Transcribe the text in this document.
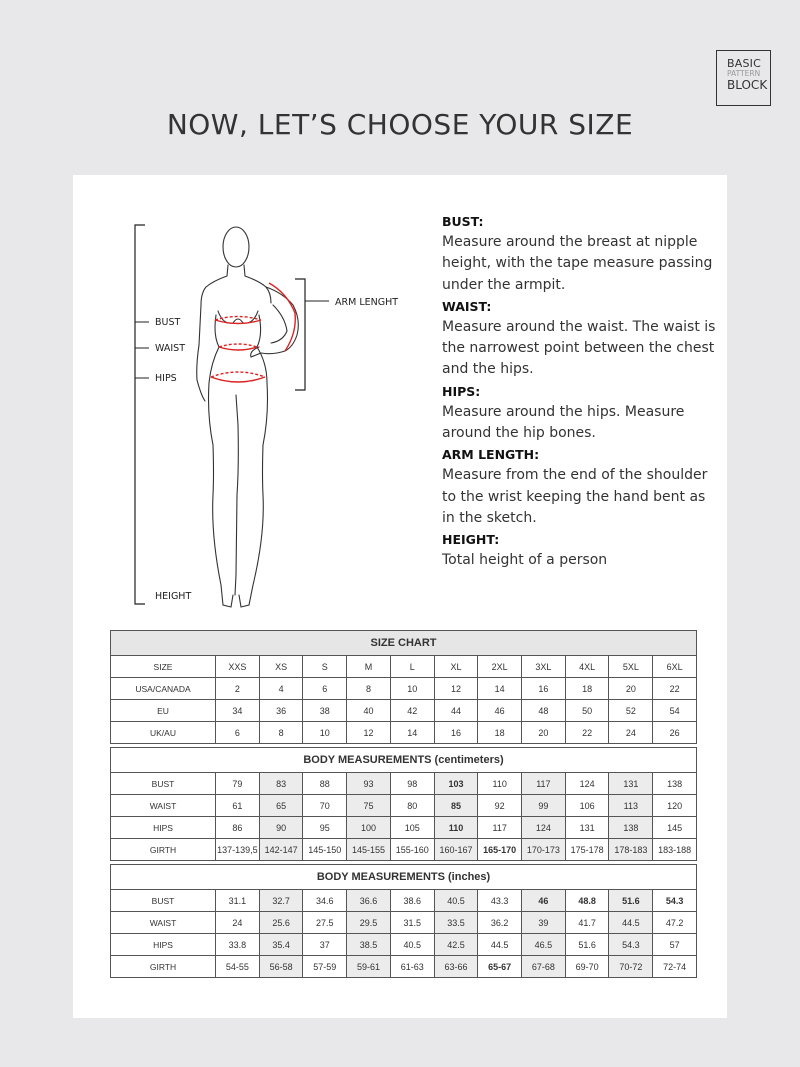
BASIC
PATTERN
BLOCK
NOW, LET’S CHOOSE YOUR SIZE
BUST
WAIST
HIPS
HEIGHT
ARM LENGHT

BUST:

Measure around the breast at nipple height, with the tape measure passing under the armpit.

WAIST:

Measure around the waist. The waist is the narrowest point between the chest and the hips.

HIPS:

Measure around the hips. Measure around the hip bones.

ARM LENGTH:

Measure from the end of the shoulder to the wrist keeping the hand bent as in the sketch.

HEIGHT:

Total height of a person

SIZE CHART											
SIZE	XXS	XS	S	M	L	XL	2XL	3XL	4XL	5XL	6XL
USA/CANADA	2	4	6	8	10	12	14	16	18	20	22
EU	34	36	38	40	42	44	46	48	50	52	54
UK/AU	6	8	10	12	14	16	18	20	22	24	26

BODY MEASUREMENTS (centimeters)											
BUST	79	83	88	93	98	103	110	117	124	131	138
WAIST	61	65	70	75	80	85	92	99	106	113	120
HIPS	86	90	95	100	105	110	117	124	131	138	145
GIRTH	137-139,5	142-147	145-150	145-155	155-160	160-167	165-170	170-173	175-178	178-183	183-188

BODY MEASUREMENTS (inches)											
BUST	31.1	32.7	34.6	36.6	38.6	40.5	43.3	46	48.8	51.6	54.3
WAIST	24	25.6	27.5	29.5	31.5	33.5	36.2	39	41.7	44.5	47.2
HIPS	33.8	35.4	37	38.5	40.5	42.5	44.5	46.5	51.6	54.3	57
GIRTH	54-55	56-58	57-59	59-61	61-63	63-66	65-67	67-68	69-70	70-72	72-74
